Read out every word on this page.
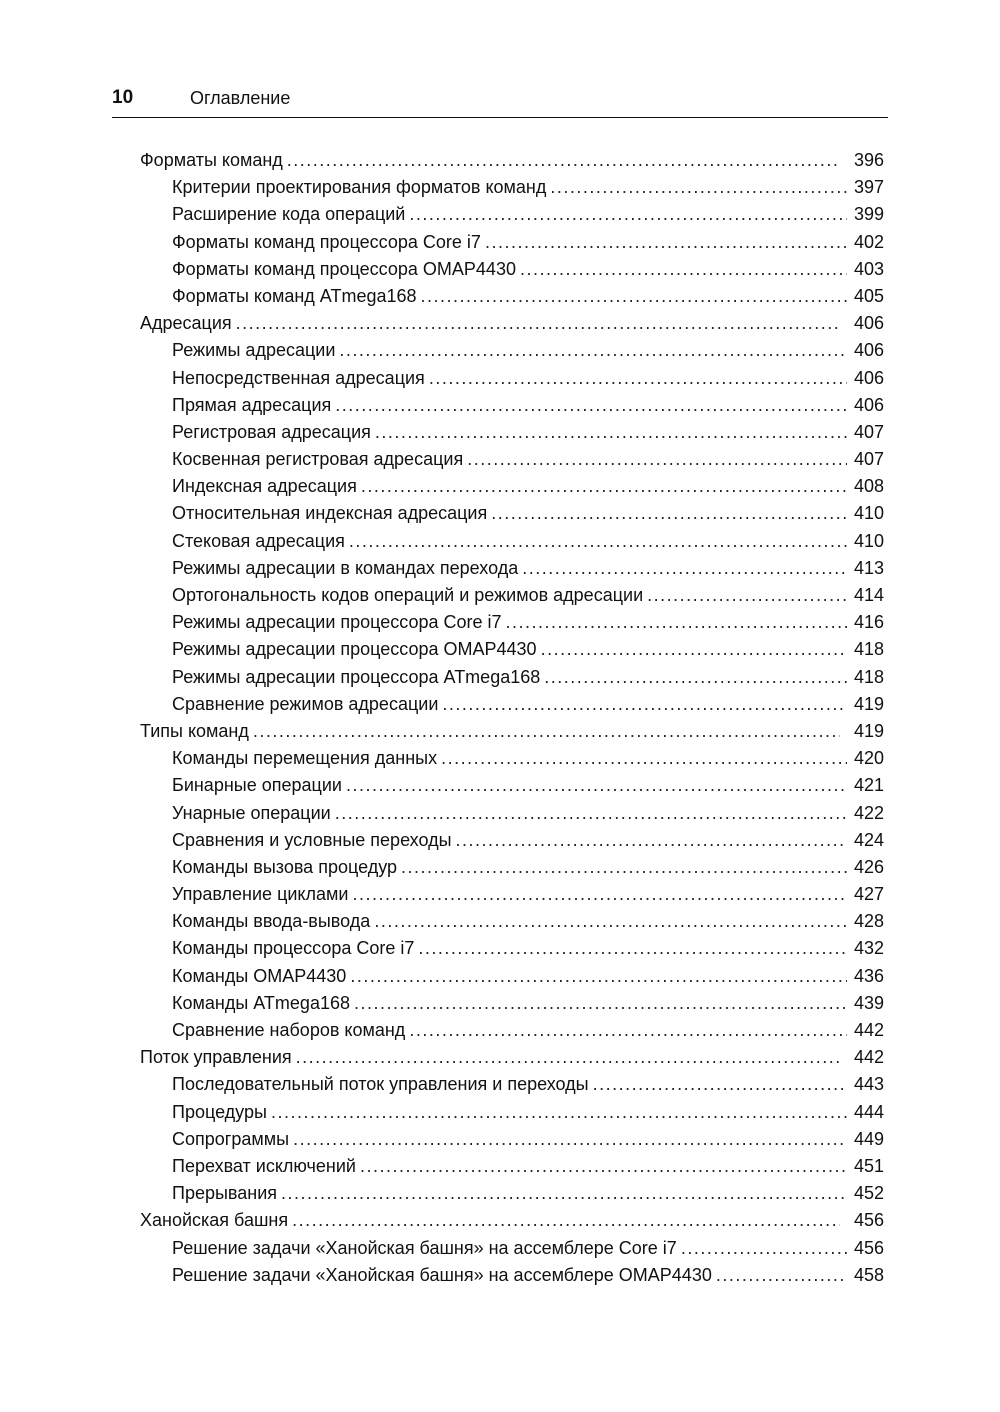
10	Оглавление
Форматы команд .....	396
Критерии проектирования форматов команд .....	397
Расширение кода операций .....	399
Форматы команд процессора Core i7 .....	402
Форматы команд процессора OMAP4430 .....	403
Форматы команд ATmega168 .....	405
Адресация .....	406
Режимы адресации .....	406
Непосредственная адресация .....	406
Прямая адресация .....	406
Регистровая адресация .....	407
Косвенная регистровая адресация .....	407
Индексная адресация .....	408
Относительная индексная адресация .....	410
Стековая адресация .....	410
Режимы адресации в командах перехода .....	413
Ортогональность кодов операций и режимов адресации .....	414
Режимы адресации процессора Core i7 .....	416
Режимы адресации процессора OMAP4430 .....	418
Режимы адресации процессора ATmega168 .....	418
Сравнение режимов адресации .....	419
Типы команд .....	419
Команды перемещения данных .....	420
Бинарные операции .....	421
Унарные операции .....	422
Сравнения и условные переходы .....	424
Команды вызова процедур .....	426
Управление циклами .....	427
Команды ввода-вывода .....	428
Команды процессора Core i7 .....	432
Команды OMAP4430 .....	436
Команды ATmega168 .....	439
Сравнение наборов команд .....	442
Поток управления .....	442
Последовательный поток управления и переходы .....	443
Процедуры .....	444
Сопрограммы .....	449
Перехват исключений .....	451
Прерывания .....	452
Ханойская башня .....	456
Решение задачи «Ханойская башня» на ассемблере Core i7 .....	456
Решение задачи «Ханойская башня» на ассемблере OMAP4430 .....	458
